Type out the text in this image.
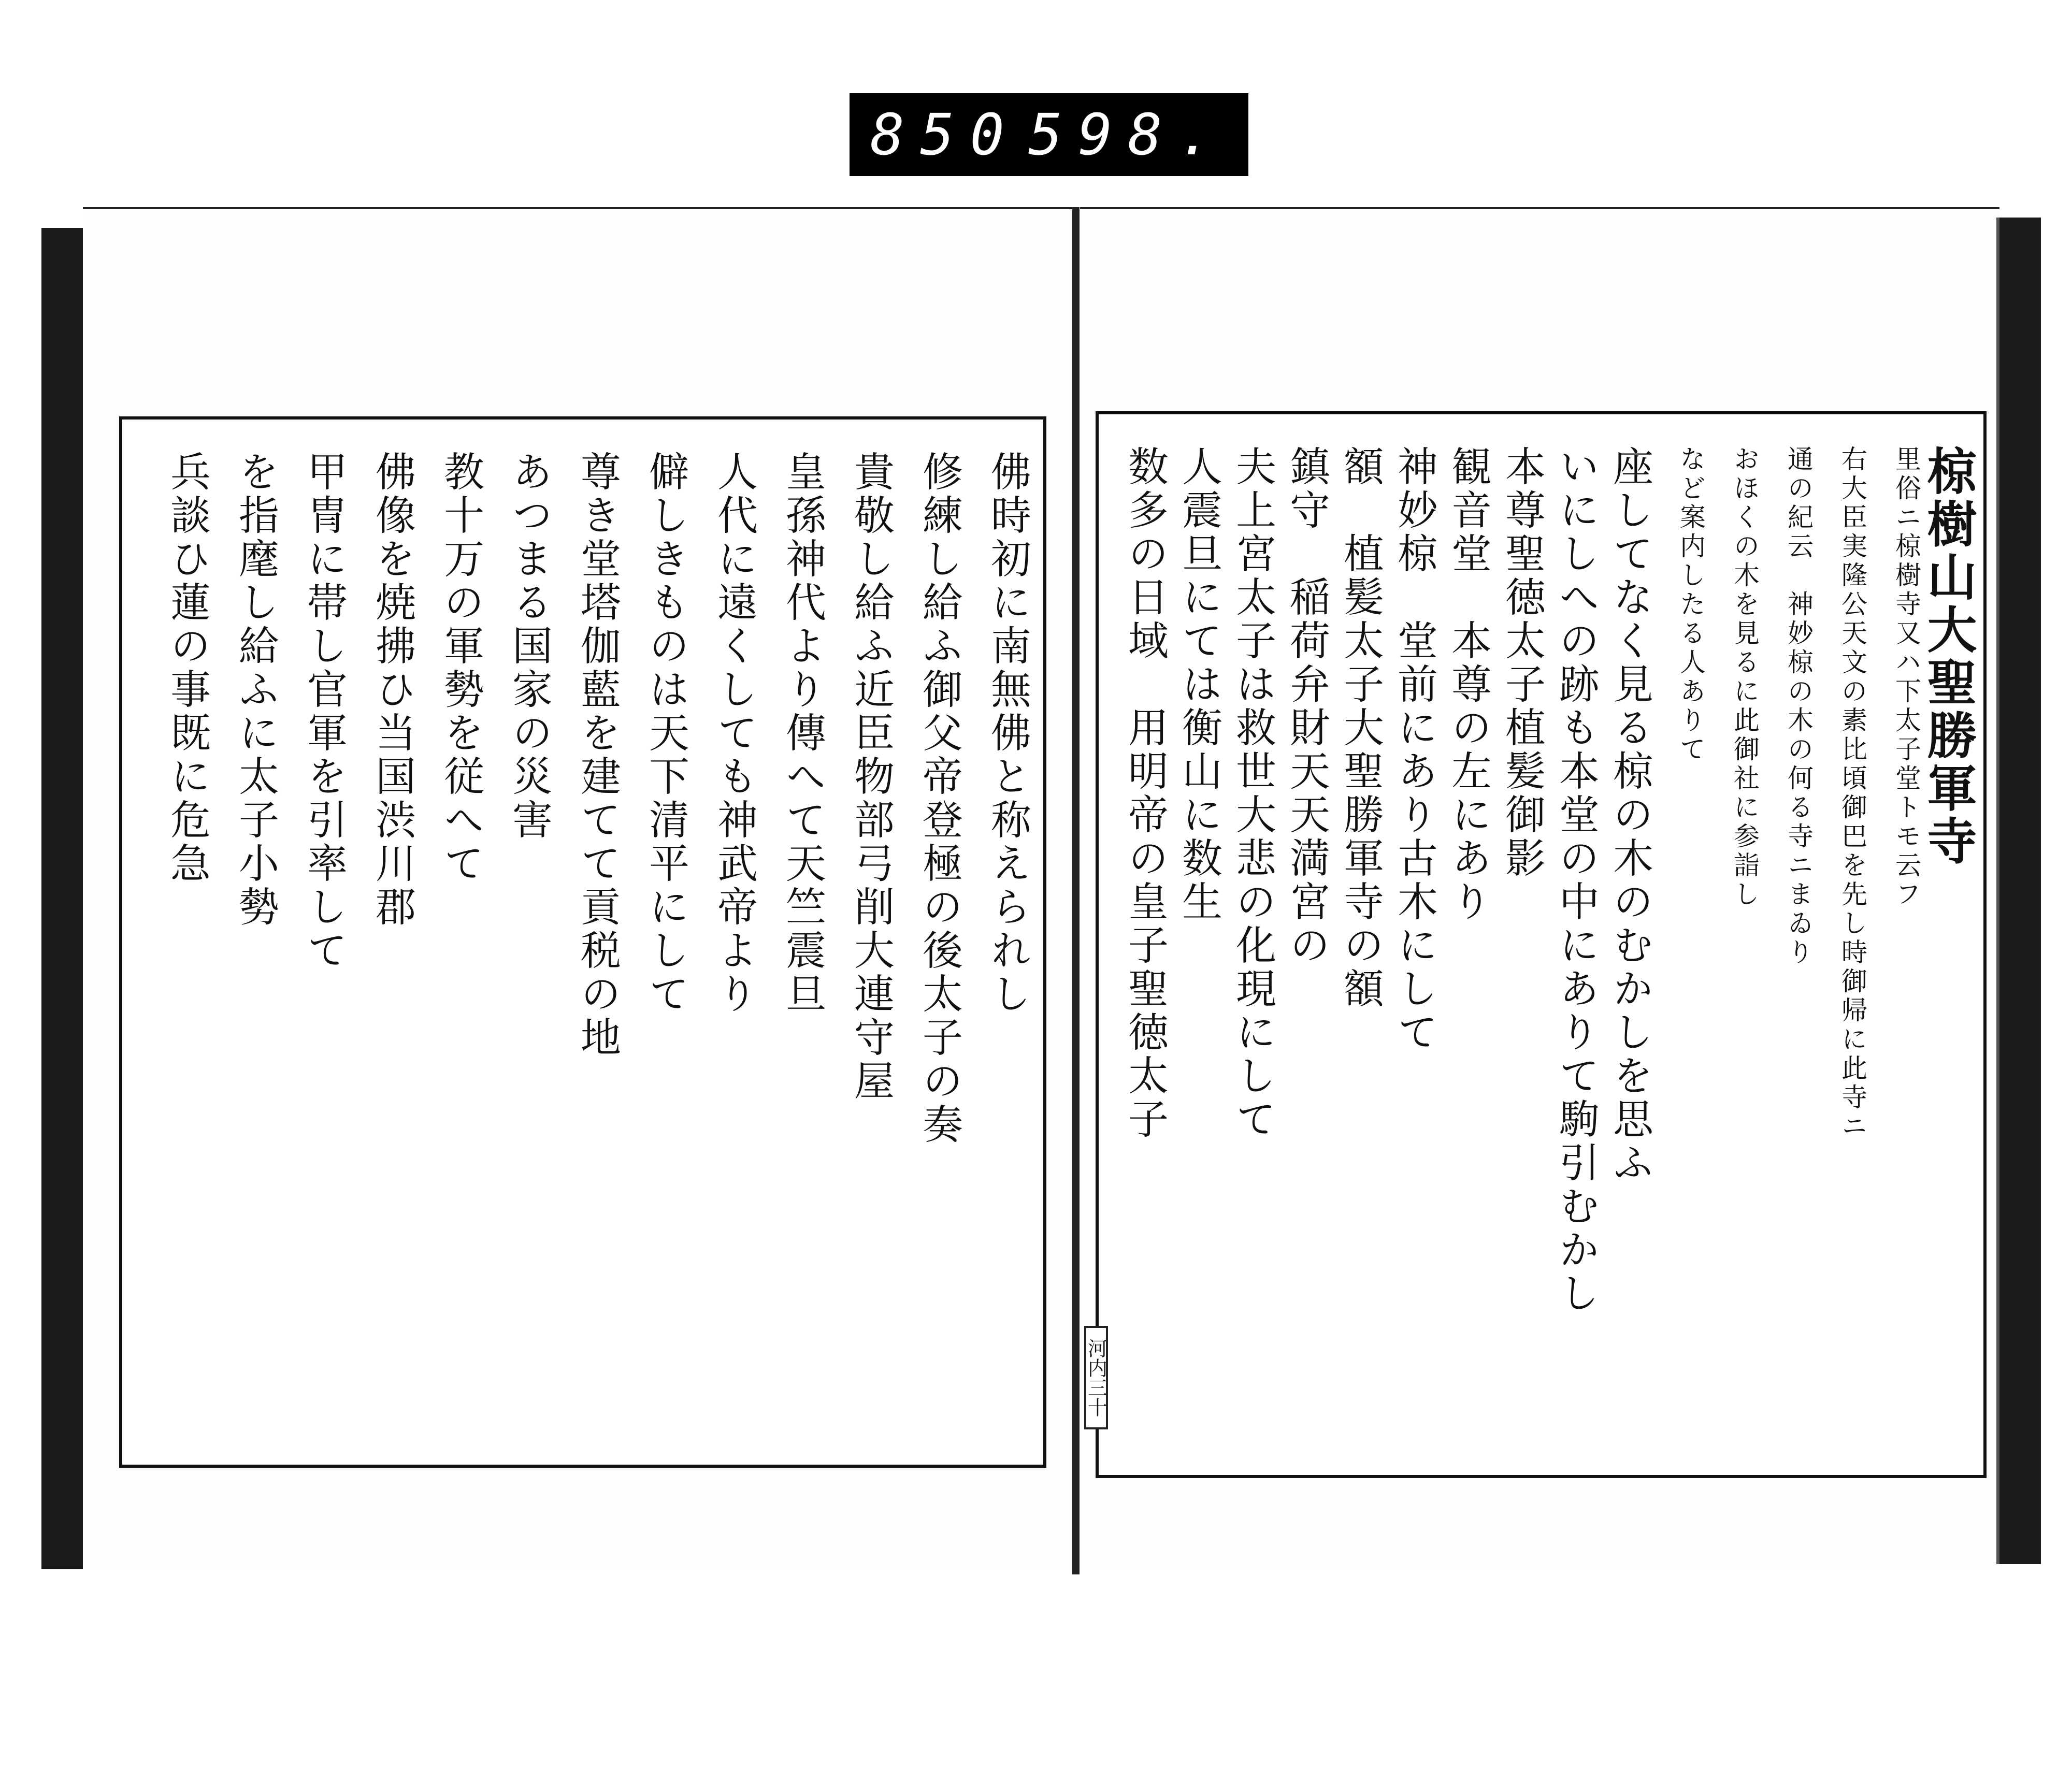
850 598.
佛時初に南無佛と称えられし
修練し給ふ御父帝登極の後太子の奏
貴敬し給ふ近臣物部弓削大連守屋
皇孫神代より傳へて天竺震旦
人代に遠くしても神武帝より
僻しきものは天下清平にして
尊き堂塔伽藍を建てて貢税の地
あつまる国家の災害
教十万の軍勢を従へて
佛像を焼拂ひ当国渋川郡
甲冑に帯し官軍を引率して
を指麾し給ふに太子小勢
兵談ひ蓮の事既に危急
河内三十
椋樹山大聖勝軍寺
里俗ニ椋樹寺又ハ下太子堂トモ云フ
右大臣実隆公天文の素比頃御巴を先し時御帰に此寺ニ
通の紀云　神妙椋の木の何る寺ニまゐり
おほくの木を見るに此御社に参詣し
など案内したる人ありて
座してなく見る椋の木のむかしを思ふ
いにしへの跡も本堂の中にありて駒引むかし
本尊聖徳太子植髪御影
観音堂　本尊の左にあり
神妙椋　堂前にあり古木にして
額　植髪太子大聖勝軍寺の額
鎮守　稲荷弁財天天満宮の
夫上宮太子は救世大悲の化現にして
人震旦にては衡山に数生
数多の日域　用明帝の皇子聖徳太子
